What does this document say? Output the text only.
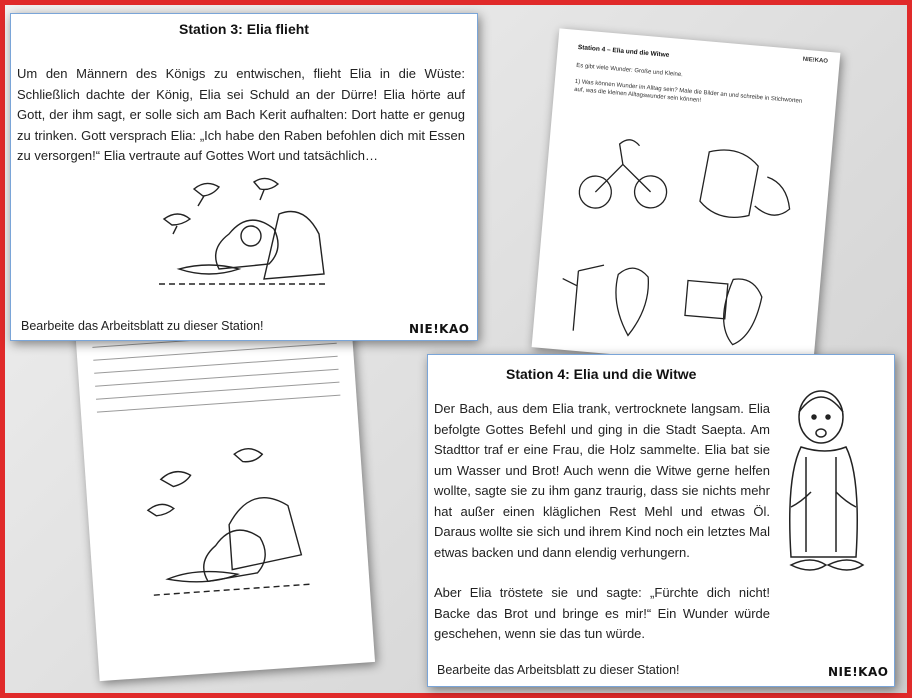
Station 4 – Elia und die Witwe
NIE!KAO
Es gibt viele Wunder: Große und Kleine.
1) Was können Wunder im Alltag sein? Male die Bilder an und schreibe in Stichworten auf, was die kleinen Alltagswunder sein können!
Station 3: Elia flieht
Um den Männern des Königs zu entwischen, flieht Elia in die Wüste: Schließlich dachte der König, Elia sei Schuld an der Dürre! Elia hörte auf Gott, der ihm sagt, er solle sich am Bach Kerit aufhalten: Dort hatte er genug zu trinken. Gott versprach Elia: „Ich habe den Raben befohlen dich mit Essen zu versorgen!“ Elia vertraute auf Gottes Wort und tatsächlich…
Bearbeite das Arbeitsblatt zu dieser Station!	NIE!KAO
Station 4: Elia und die Witwe
Der Bach, aus dem Elia trank, vertrocknete langsam. Elia befolgte Gottes Befehl und ging in die Stadt Saepta. Am Stadttor traf er eine Frau, die Holz sammelte. Elia bat sie um Wasser und Brot! Auch wenn die Witwe gerne helfen wollte, sagte sie zu ihm ganz traurig, dass sie nichts mehr hat außer einen kläglichen Rest Mehl und etwas Öl. Daraus wollte sie sich und ihrem Kind noch ein letztes Mal etwas backen und dann elendig verhungern.
Aber Elia tröstete sie und sagte: „Fürchte dich nicht! Backe das Brot und bringe es mir!“ Ein Wunder würde geschehen, wenn sie das tun würde.
Bearbeite das Arbeitsblatt zu dieser Station!	NIE!KAO
